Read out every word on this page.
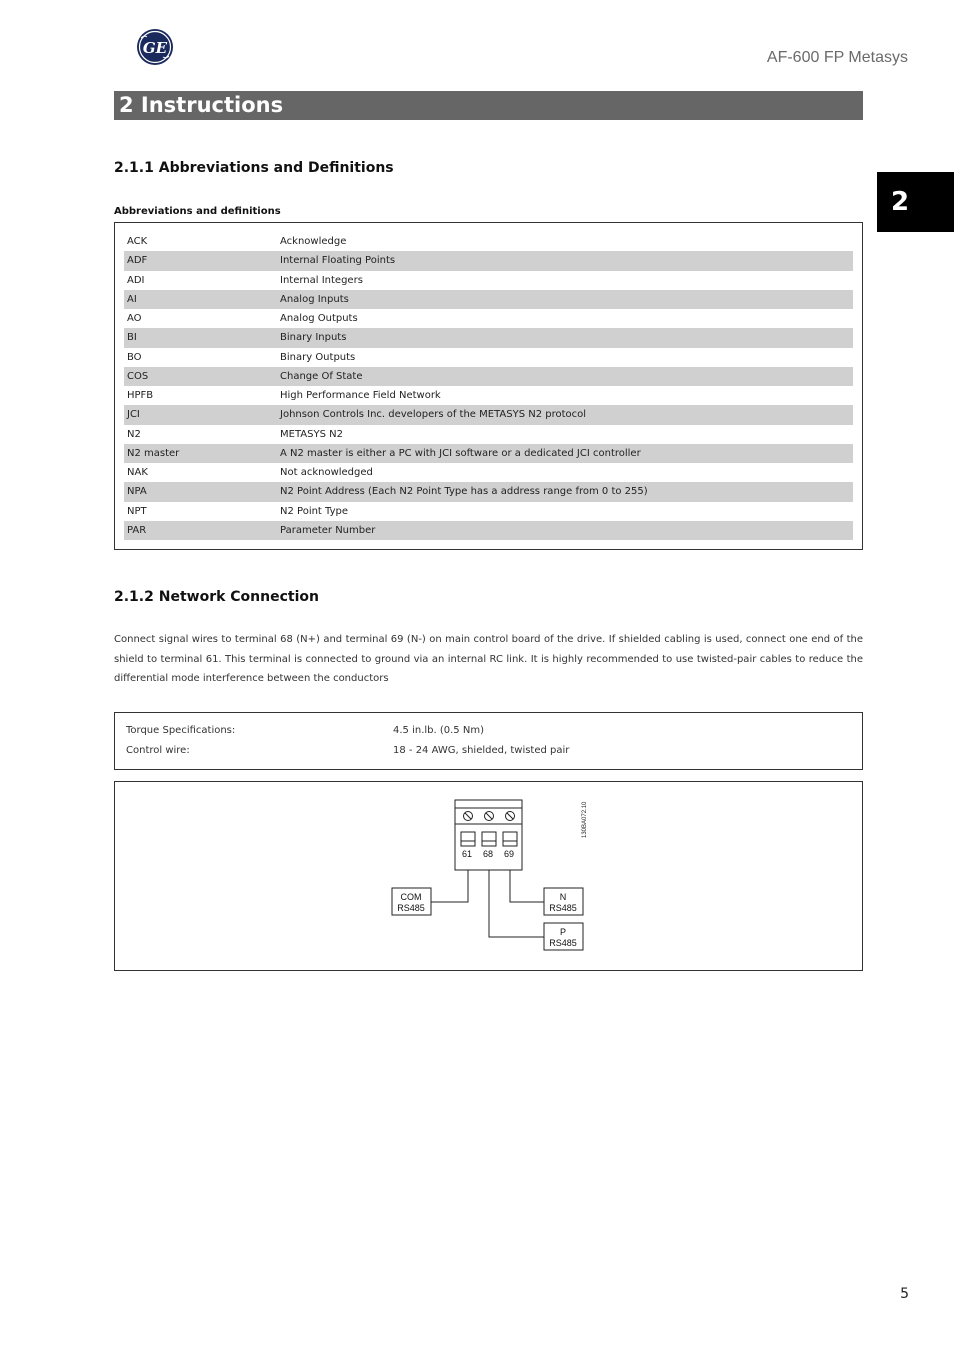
GE
AF-600 FP Metasys
2 Instructions
2
2.1.1 Abbreviations and Definitions
Abbreviations and definitions
ACK	Acknowledge
ADF	Internal Floating Points
ADI	Internal Integers
AI	Analog Inputs
AO	Analog Outputs
BI	Binary Inputs
BO	Binary Outputs
COS	Change Of State
HPFB	High Performance Field Network
JCI	Johnson Controls Inc. developers of the METASYS N2 protocol
N2	METASYS N2
N2 master	A N2 master is either a PC with JCI software or a dedicated JCI controller
NAK	Not acknowledged
NPA	N2 Point Address (Each N2 Point Type has a address range from 0 to 255)
NPT	N2 Point Type
PAR	Parameter Number
2.1.2 Network Connection
Connect signal wires to terminal 68 (N+) and terminal 69 (N-) on main control board of the drive. If shielded cabling is used, connect one end of the shield to terminal 61. This terminal is connected to ground via an internal RC link. It is highly recommended to use twisted-pair cables to reduce the differential mode interference between the conductors
Torque Specifications:	4.5 in.lb. (0.5 Nm)
Control wire:	18 - 24 AWG, shielded, twisted pair
61 68 69
COM
RS485
N
RS485
P
RS485
130BA072.10
5
